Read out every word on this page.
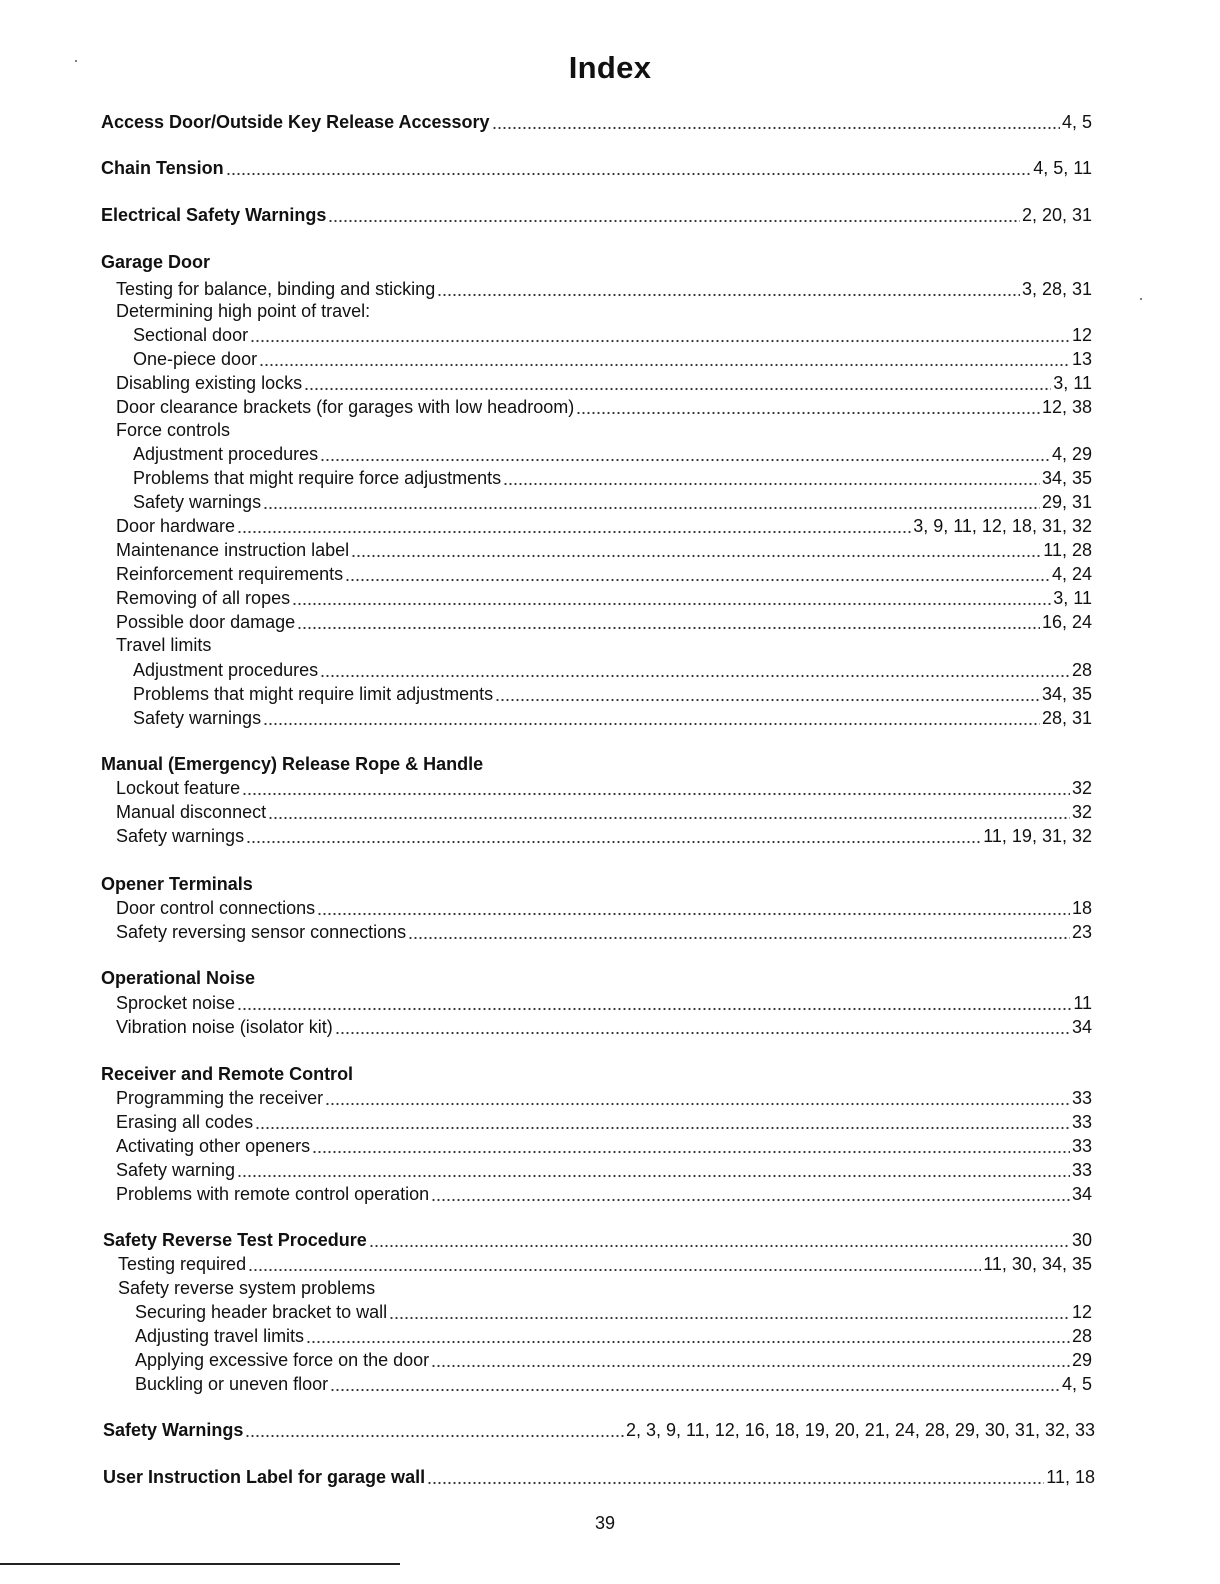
Index
Access Door/Outside Key Release Accessory	4, 5
Chain Tension	4, 5, 11
Electrical Safety Warnings	2, 20, 31
Garage Door
Testing for balance, binding and sticking	3, 28, 31
Determining high point of travel:
Sectional door	12
One-piece door	13
Disabling existing locks	3, 11
Door clearance brackets (for garages with low headroom)	12, 38
Force controls
Adjustment procedures	4, 29
Problems that might require force adjustments	34, 35
Safety warnings	29, 31
Door hardware	3, 9, 11, 12, 18, 31, 32
Maintenance instruction label	11, 28
Reinforcement requirements	4, 24
Removing of all ropes	3, 11
Possible door damage	16, 24
Travel limits
Adjustment procedures	28
Problems that might require limit adjustments	34, 35
Safety warnings	28, 31
Manual (Emergency) Release Rope & Handle
Lockout feature	32
Manual disconnect	32
Safety warnings	11, 19, 31, 32
Opener Terminals
Door control connections	18
Safety reversing sensor connections	23
Operational Noise
Sprocket noise	11
Vibration noise (isolator kit)	34
Receiver and Remote Control
Programming the receiver	33
Erasing all codes	33
Activating other openers	33
Safety warning	33
Problems with remote control operation	34
Safety Reverse Test Procedure	30
Testing required	11, 30, 34, 35
Safety reverse system problems
Securing header bracket to wall	12
Adjusting travel limits	28
Applying excessive force on the door	29
Buckling or uneven floor	4, 5
Safety Warnings	2, 3, 9, 11, 12, 16, 18, 19, 20, 21, 24, 28, 29, 30, 31, 32, 33
User Instruction Label for garage wall	11, 18
39
